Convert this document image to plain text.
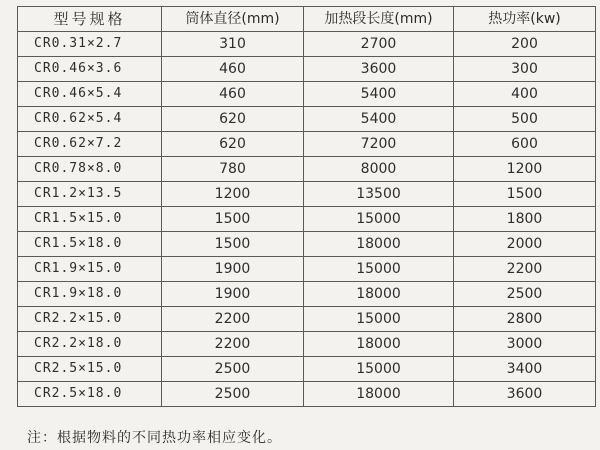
型号规格	筒体直径(mm)	加热段长度(mm)	热功率(kw)
CR0.31×2.7	310	2700	200
CR0.46×3.6	460	3600	300
CR0.46×5.4	460	5400	400
CR0.62×5.4	620	5400	500
CR0.62×7.2	620	7200	600
CR0.78×8.0	780	8000	1200
CR1.2×13.5	1200	13500	1500
CR1.5×15.0	1500	15000	1800
CR1.5×18.0	1500	18000	2000
CR1.9×15.0	1900	15000	2200
CR1.9×18.0	1900	18000	2500
CR2.2×15.0	2200	15000	2800
CR2.2×18.0	2200	18000	3000
CR2.5×15.0	2500	15000	3400
CR2.5×18.0	2500	18000	3600
注：根据物料的不同热功率相应变化。
